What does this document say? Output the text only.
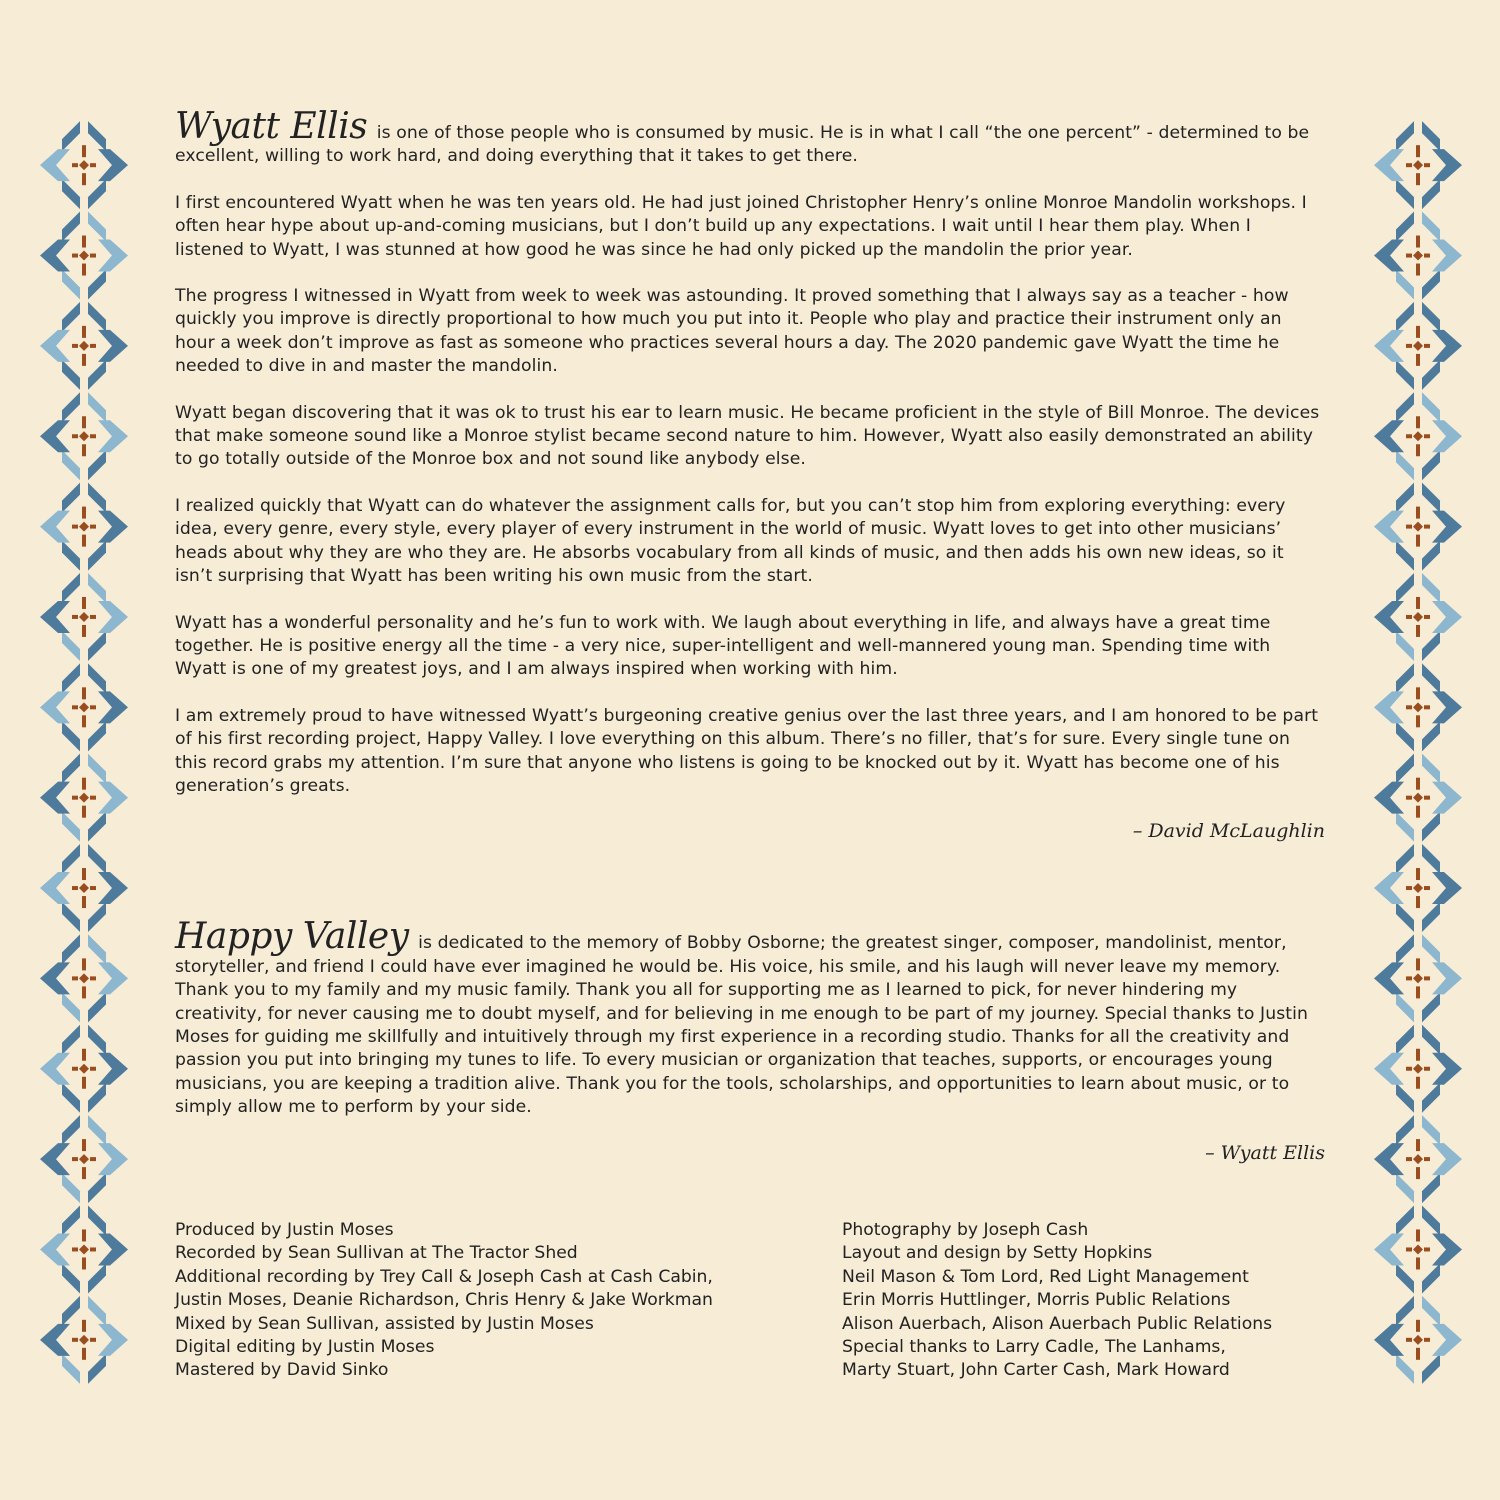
Wyatt Ellis is one of those people who is consumed by music. He is in what I call “the one percent” - determined to be excellent, willing to work hard, and doing everything that it takes to get there.

I first encountered Wyatt when he was ten years old. He had just joined Christopher Henry’s online Monroe Mandolin workshops. I often hear hype about up-and-coming musicians, but I don’t build up any expectations. I wait until I hear them play. When I listened to Wyatt, I was stunned at how good he was since he had only picked up the mandolin the prior year.

The progress I witnessed in Wyatt from week to week was astounding. It proved something that I always say as a teacher - how quickly you improve is directly proportional to how much you put into it. People who play and practice their instrument only an hour a week don’t improve as fast as someone who practices several hours a day. The 2020 pandemic gave Wyatt the time he needed to dive in and master the mandolin.

Wyatt began discovering that it was ok to trust his ear to learn music. He became proficient in the style of Bill Monroe. The devices that make someone sound like a Monroe stylist became second nature to him. However, Wyatt also easily demonstrated an ability to go totally outside of the Monroe box and not sound like anybody else.

I realized quickly that Wyatt can do whatever the assignment calls for, but you can’t stop him from exploring everything: every idea, every genre, every style, every player of every instrument in the world of music. Wyatt loves to get into other musicians’ heads about why they are who they are. He absorbs vocabulary from all kinds of music, and then adds his own new ideas, so it isn’t surprising that Wyatt has been writing his own music from the start.

Wyatt has a wonderful personality and he’s fun to work with. We laugh about everything in life, and always have a great time together. He is positive energy all the time - a very nice, super-intelligent and well-mannered young man. Spending time with Wyatt is one of my greatest joys, and I am always inspired when working with him.

I am extremely proud to have witnessed Wyatt’s burgeoning creative genius over the last three years, and I am honored to be part of his first recording project, Happy Valley. I love everything on this album. There’s no filler, that’s for sure. Every single tune on this record grabs my attention. I’m sure that anyone who listens is going to be knocked out by it. Wyatt has become one of his generation’s greats.

– David McLaughlin

Happy Valley is dedicated to the memory of Bobby Osborne; the greatest singer, composer, mandolinist, mentor, storyteller, and friend I could have ever imagined he would be. His voice, his smile, and his laugh will never leave my memory. Thank you to my family and my music family. Thank you all for supporting me as I learned to pick, for never hindering my creativity, for never causing me to doubt myself, and for believing in me enough to be part of my journey. Special thanks to Justin Moses for guiding me skillfully and intuitively through my first experience in a recording studio. Thanks for all the creativity and passion you put into bringing my tunes to life. To every musician or organization that teaches, supports, or encourages young musicians, you are keeping a tradition alive. Thank you for the tools, scholarships, and opportunities to learn about music, or to simply allow me to perform by your side.

– Wyatt Ellis

Produced by Justin Moses
Recorded by Sean Sullivan at The Tractor Shed
Additional recording by Trey Call & Joseph Cash at Cash Cabin,
Justin Moses, Deanie Richardson, Chris Henry & Jake Workman
Mixed by Sean Sullivan, assisted by Justin Moses
Digital editing by Justin Moses
Mastered by David Sinko
Photography by Joseph Cash
Layout and design by Setty Hopkins
Neil Mason & Tom Lord, Red Light Management
Erin Morris Huttlinger, Morris Public Relations
Alison Auerbach, Alison Auerbach Public Relations
Special thanks to Larry Cadle, The Lanhams,
Marty Stuart, John Carter Cash, Mark Howard
